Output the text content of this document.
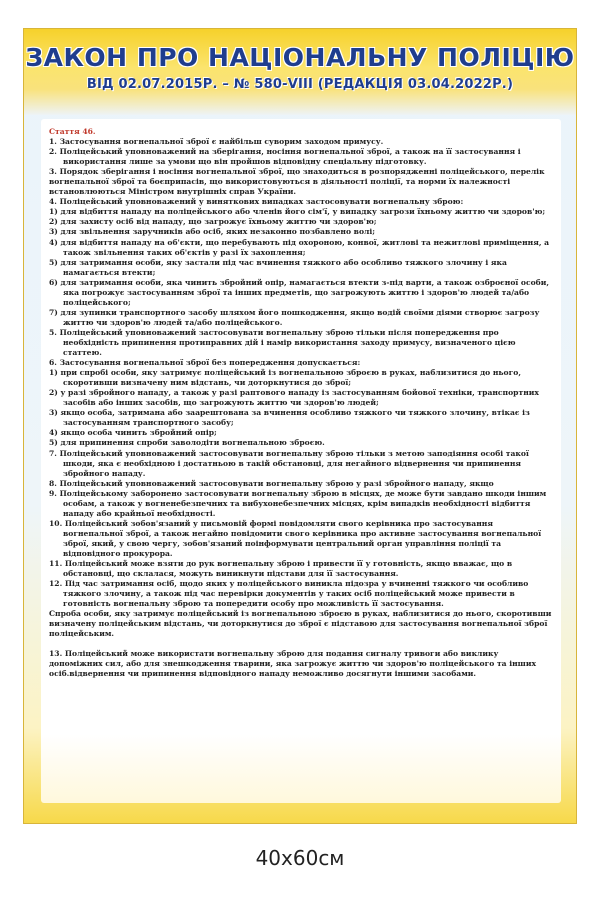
ЗАКОН ПРО НАЦІОНАЛЬНУ ПОЛІЦІЮ
ВІД 02.07.2015Р. – № 580-VIII (РЕДАКЦІЯ 03.04.2022Р.)

Стаття 46.

1. Застосування вогнепальної зброї є найбільш суворим заходом примусу.

2. Поліцейський уповноважений на зберігання, носіння вогнепальної зброї, а також на її застосування і використання лише за умови що він пройшов відповідну спеціальну підготовку.

3. Порядок зберігання і носіння вогнепальної зброї, що знаходиться в розпорядженні поліцейського, перелік вогнепальної зброї та боєприпасів, що використовуються в діяльності поліції, та норми їх належності встановлюються Міністром внутрішніх справ України.

4. Поліцейський уповноважений у виняткових випадках застосовувати вогнепальну зброю:

1) для відбиття нападу на поліцейського або членів його сім'ї, у випадку загрози їхньому життю чи здоров'ю;

2) для захисту осіб від нападу, що загрожує їхньому життю чи здоров'ю;

3) для звільнення заручників або осіб, яких незаконно позбавлено волі;

4) для відбиття нападу на об'єкти, що перебувають під охороною, конвої, житлові та нежитлові приміщення, а також звільнення таких об'єктів у разі їх захоплення;

5) для затримання особи, яку застали під час вчинення тяжкого або особливо тяжкого злочину і яка намагається втекти;

6) для затримання особи, яка чинить збройний опір, намагається втекти з-під варти, а також озброєної особи, яка погрожує застосуванням зброї та інших предметів, що загрожують життю і здоров'ю людей та/або поліцейського;

7) для зупинки транспортного засобу шляхом його пошкодження, якщо водій своїми діями створює загрозу життю чи здоров'ю людей та/або поліцейського.

5. Поліцейський уповноважений застосовувати вогнепальну зброю тільки після попередження про необхідність припинення протиправних дій і намір використання заходу примусу, визначеного цією статтею.

6. Застосування вогнепальної зброї без попередження допускається:

1) при спробі особи, яку затримує поліцейський із вогнепальною зброєю в руках, наблизитися до нього, скоротивши визначену ним відстань, чи доторкнутися до зброї;

2) у разі збройного нападу, а також у разі раптового нападу із застосуванням бойової техніки, транспортних засобів або інших засобів, що загрожують життю чи здоров'ю людей;

3) якщо особа, затримана або заарештована за вчинення особливо тяжкого чи тяжкого злочину, втікає із застосуванням транспортного засобу;

4) якщо особа чинить збройний опір;

5) для припинення спроби заволодіти вогнепальною зброєю.

7. Поліцейський уповноважений застосовувати вогнепальну зброю тільки з метою заподіяння особі такої шкоди, яка є необхідною і достатньою в такій обстановці, для негайного відвернення чи припинення збройного нападу.

8. Поліцейський уповноважений застосовувати вогнепальну зброю у разі збройного нападу, якщо

9. Поліцейському заборонено застосовувати вогнепальну зброю в місцях, де може бути завдано шкоди іншим особам, а також у вогненебезпечних та вибухонебезпечних місцях, крім випадків необхідності відбиття нападу або крайньої необхідності.

10. Поліцейський зобов'язаний у письмовій формі повідомляти свого керівника про застосування вогнепальної зброї, а також негайно повідомити свого керівника про активне застосування вогнепальної зброї, який, у свою чергу, зобов'язаний поінформувати центральний орган управління поліції та відповідного прокурора.

11. Поліцейський може взяти до рук вогнепальну зброю і привести її у готовність, якщо вважає, що в обстановці, що склалася, можуть виникнути підстави для її застосування.

12. Під час затримання осіб, щодо яких у поліцейського виникла підозра у вчиненні тяжкого чи особливо тяжкого злочину, а також під час перевірки документів у таких осіб поліцейський може привести в готовність вогнепальну зброю та попередити особу про можливість її застосування.

Спроба особи, яку затримує поліцейський із вогнепальною зброєю в руках, наблизитися до нього, скоротивши визначену поліцейським відстань, чи доторкнутися до зброї є підставою для застосування вогнепальної зброї поліцейським.

13. Поліцейський може використати вогнепальну зброю для подання сигналу тривоги або виклику допоміжних сил, або для знешкодження тварини, яка загрожує життю чи здоров'ю поліцейського та інших осіб.відвернення чи припинення відповідного нападу неможливо досягнути іншими засобами.

40х60см
